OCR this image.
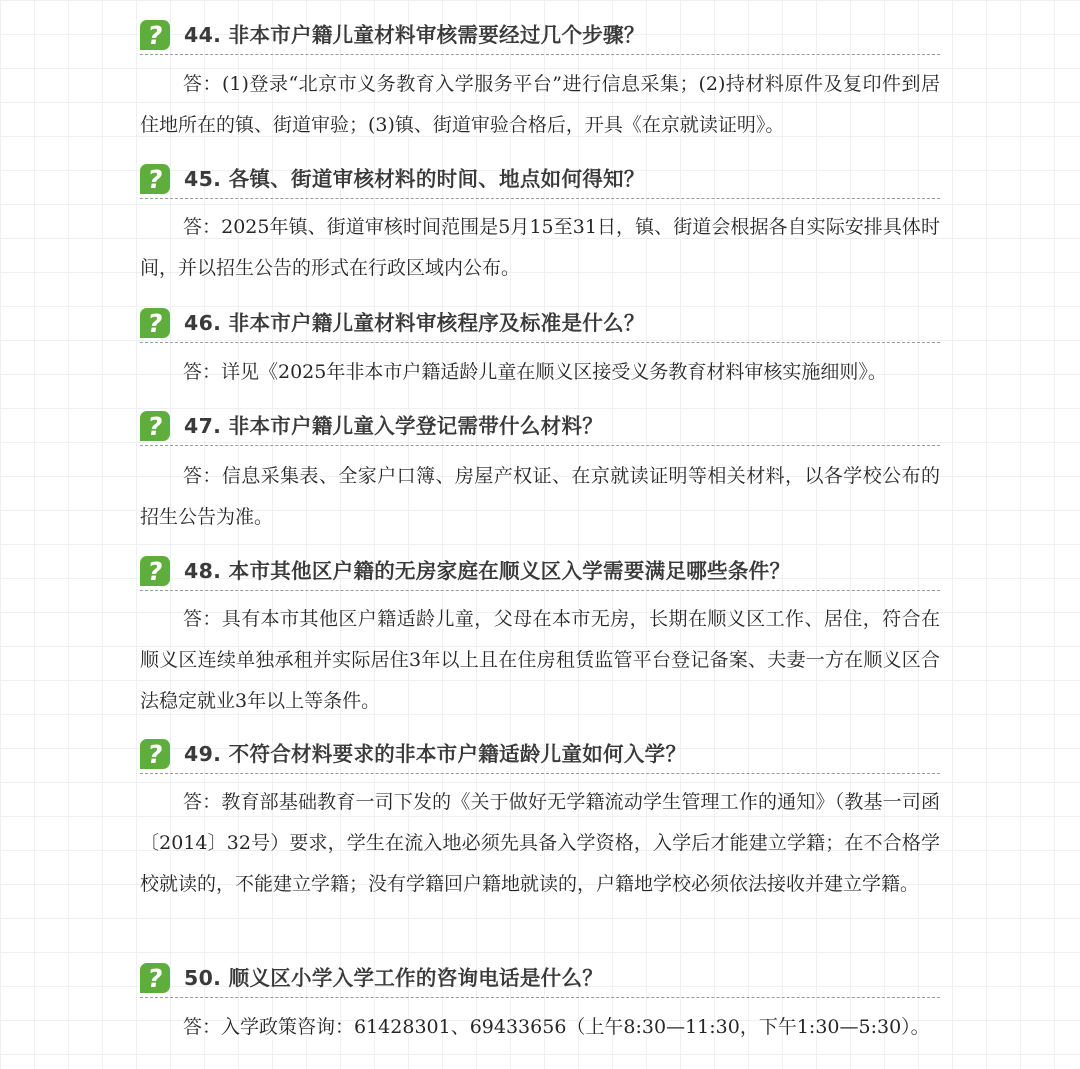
? 44. 非本市户籍儿童材料审核需要经过几个步骤？

答：(1)登录“北京市义务教育入学服务平台”进行信息采集；(2)持材料原件及复印件到居住地所在的镇、街道审验；(3)镇、街道审验合格后，开具《在京就读证明》。

? 45. 各镇、街道审核材料的时间、地点如何得知？

答：2025年镇、街道审核时间范围是5月15至31日，镇、街道会根据各自实际安排具体时间，并以招生公告的形式在行政区域内公布。

? 46. 非本市户籍儿童材料审核程序及标准是什么？

答：详见《2025年非本市户籍适龄儿童在顺义区接受义务教育材料审核实施细则》。

? 47. 非本市户籍儿童入学登记需带什么材料？

答：信息采集表、全家户口簿、房屋产权证、在京就读证明等相关材料，以各学校公布的招生公告为准。

? 48. 本市其他区户籍的无房家庭在顺义区入学需要满足哪些条件？

答：具有本市其他区户籍适龄儿童，父母在本市无房，长期在顺义区工作、居住，符合在顺义区连续单独承租并实际居住3年以上且在住房租赁监管平台登记备案、夫妻一方在顺义区合法稳定就业3年以上等条件。

? 49. 不符合材料要求的非本市户籍适龄儿童如何入学？

答：教育部基础教育一司下发的《关于做好无学籍流动学生管理工作的通知》（教基一司函〔2014〕32号）要求，学生在流入地必须先具备入学资格，入学后才能建立学籍；在不合格学校就读的，不能建立学籍；没有学籍回户籍地就读的，户籍地学校必须依法接收并建立学籍。

? 50. 顺义区小学入学工作的咨询电话是什么？

答：入学政策咨询：61428301、69433656（上午8:30—11:30，下午1:30—5:30）。
